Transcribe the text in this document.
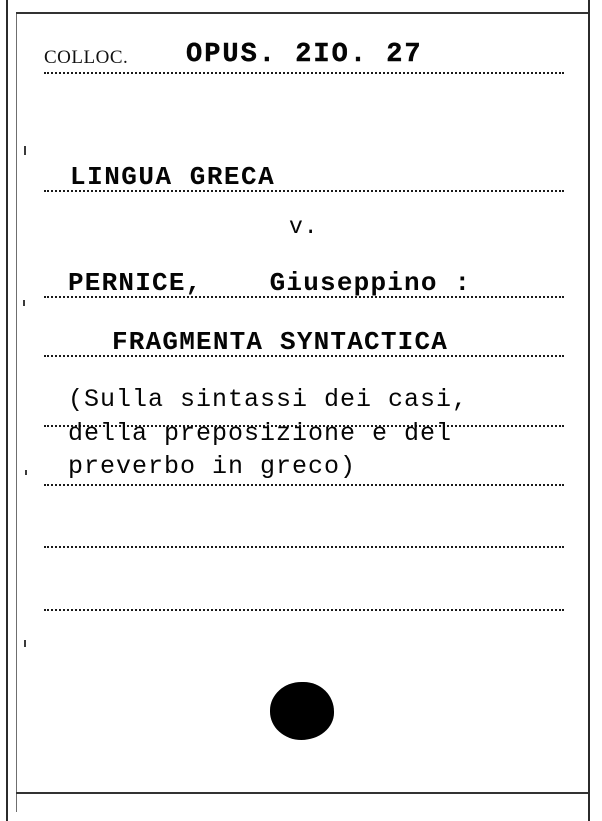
COLLOC. OPUS. 2IO. 27
LINGUA GRECA
v.
PERNICE,    Giuseppino :
FRAGMENTA SYNTACTICA
(Sulla sintassi dei casi,
della preposizione e del
preverbo in greco)
